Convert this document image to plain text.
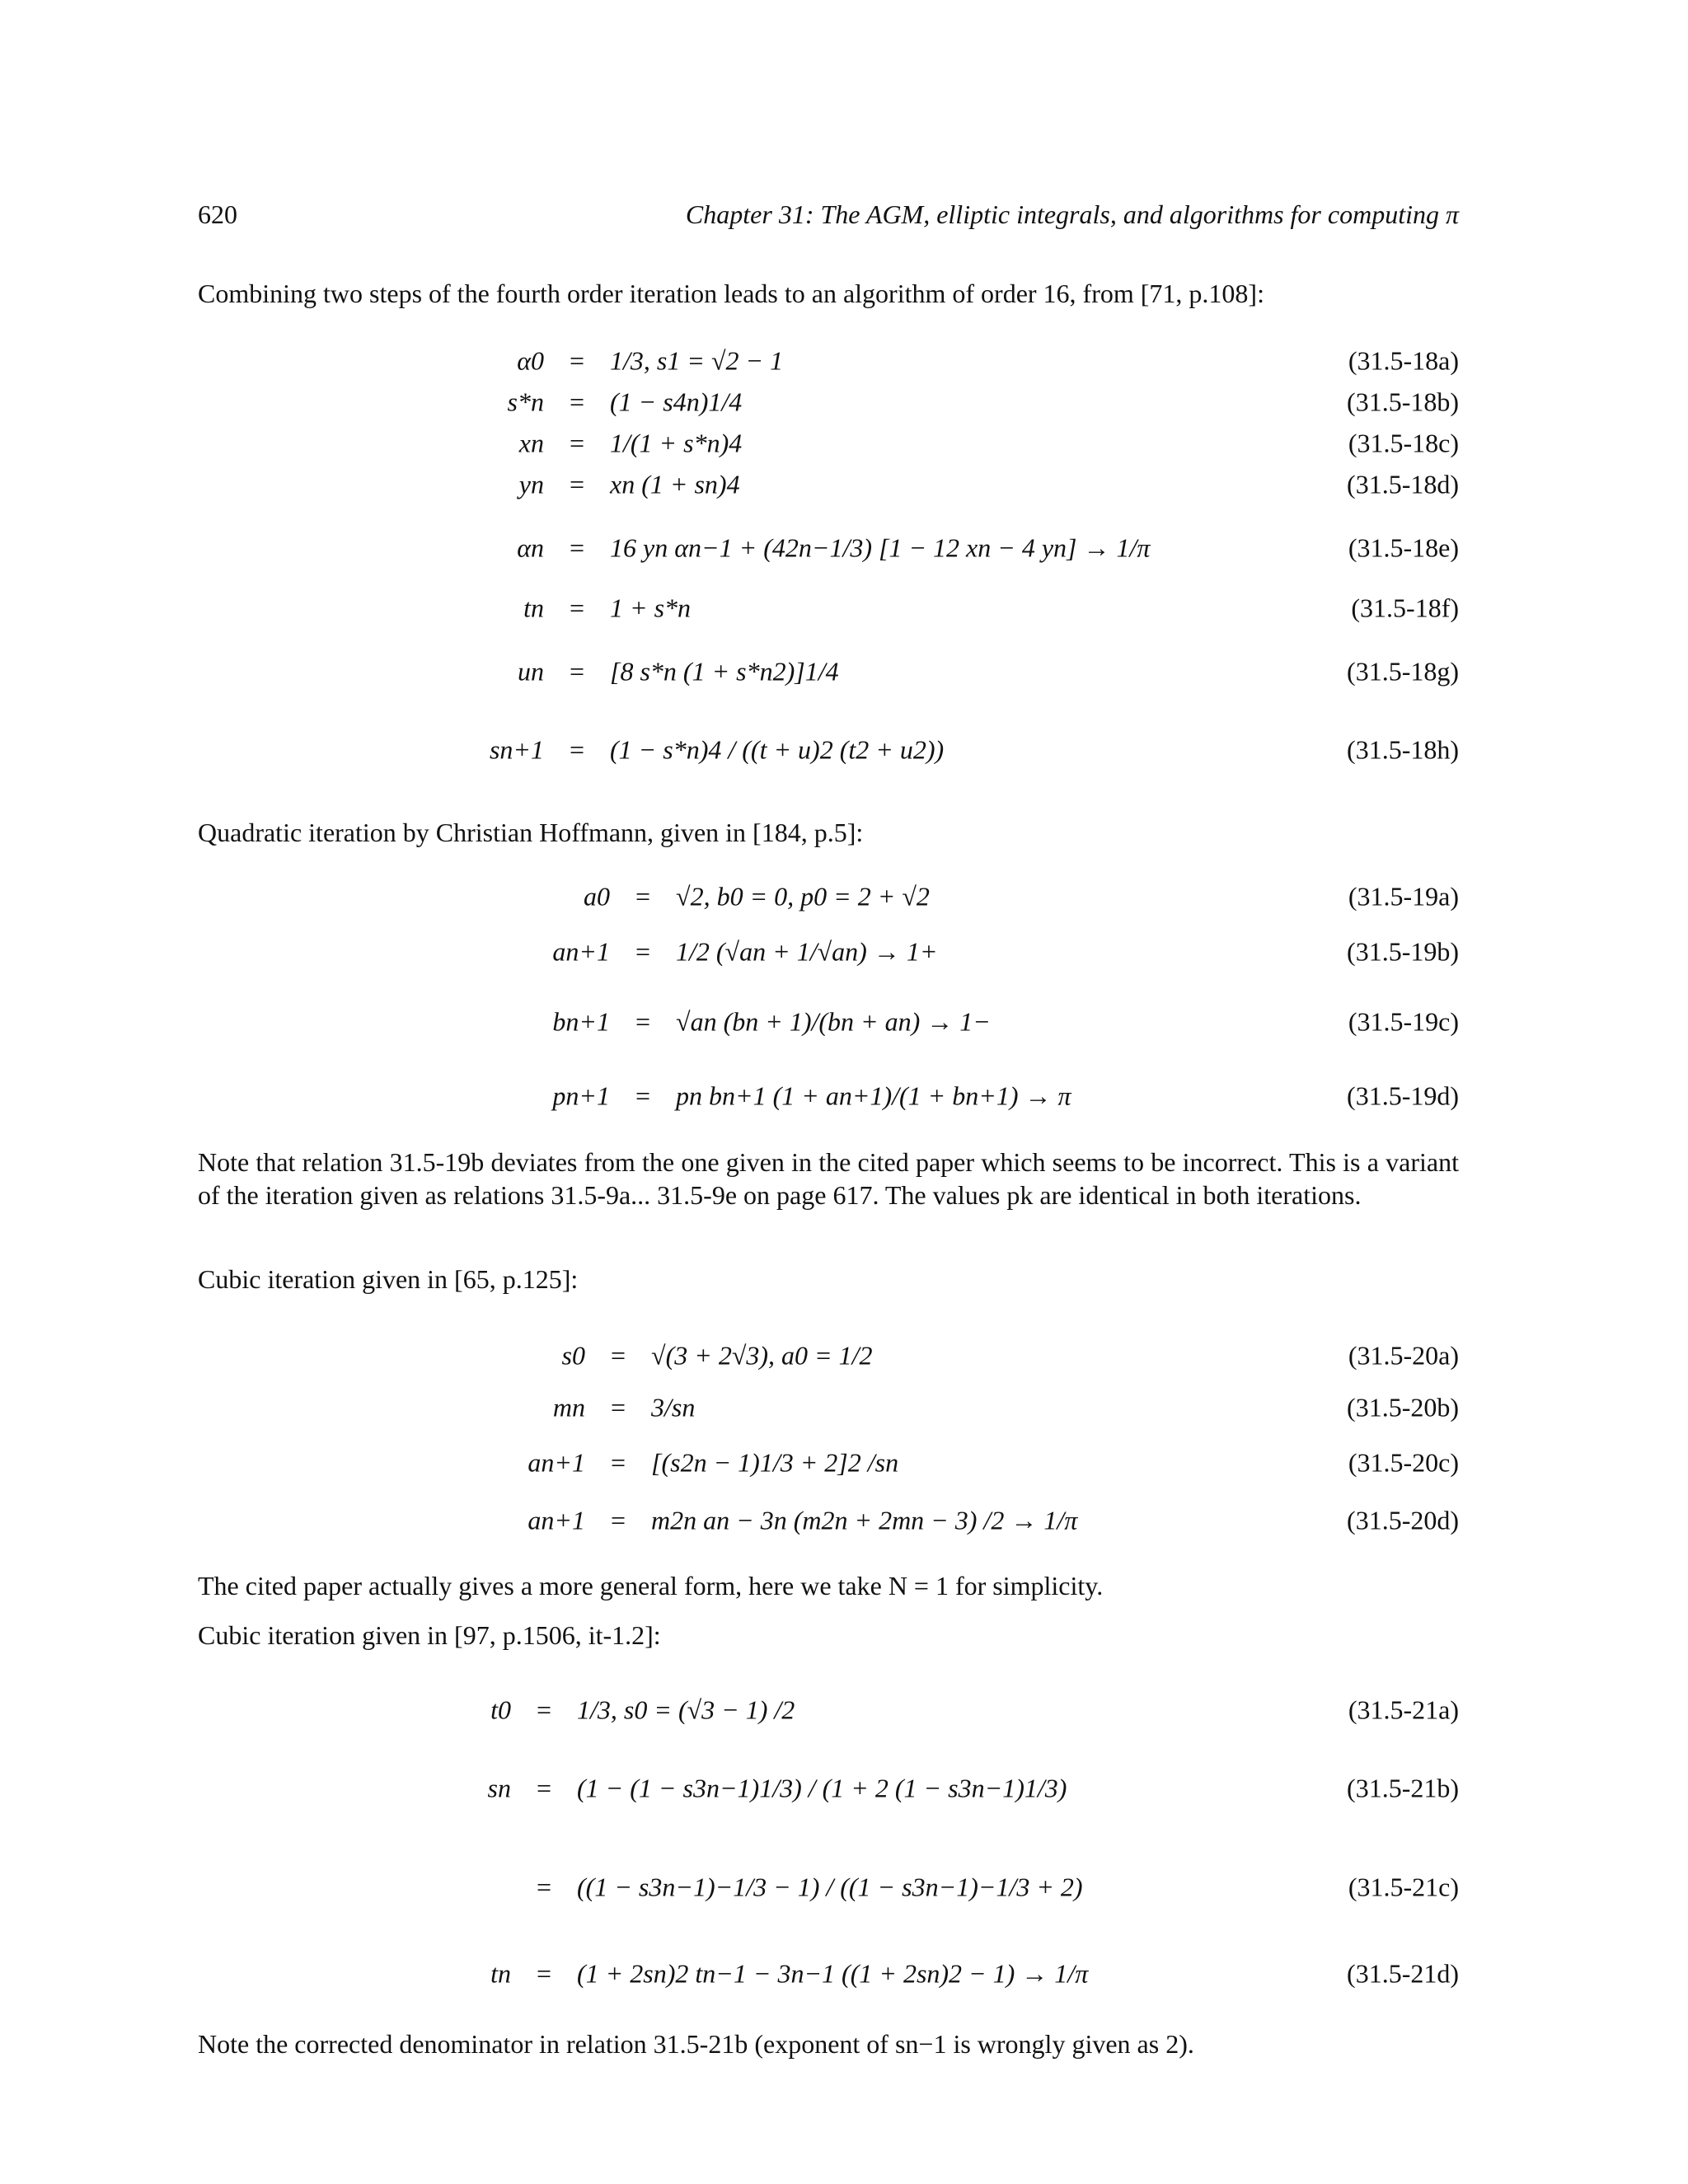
620	Chapter 31: The AGM, elliptic integrals, and algorithms for computing π

Combining two steps of the fourth order iteration leads to an algorithm of order 16, from [71, p.108]:

α0 = 1/3, s1 = √2 − 1	(31.5-18a)
s*n = (1 − s4n)1/4	(31.5-18b)
xn = 1/(1 + s*n)4	(31.5-18c)
yn = xn (1 + sn)4	(31.5-18d)
αn = 16 yn αn−1 + (42n−1/3) [1 − 12 xn − 4 yn] → 1/π	(31.5-18e)
tn = 1 + s*n	(31.5-18f)
un = [8 s*n (1 + s*n2)]1/4	(31.5-18g)
sn+1 = (1 − s*n)4 / ((t + u)2 (t2 + u2))	(31.5-18h)

Quadratic iteration by Christian Hoffmann, given in [184, p.5]:

a0 = √2, b0 = 0, p0 = 2 + √2	(31.5-19a)
an+1 = 1/2 (√an + 1/√an) → 1+	(31.5-19b)
bn+1 = √an (bn + 1)/(bn + an) → 1−	(31.5-19c)
pn+1 = pn bn+1 (1 + an+1)/(1 + bn+1) → π	(31.5-19d)

Note that relation 31.5-19b deviates from the one given in the cited paper which seems to be incorrect. This is a variant of the iteration given as relations 31.5-9a... 31.5-9e on page 617. The values pk are identical in both iterations.

Cubic iteration given in [65, p.125]:

s0 = √(3 + 2√3), a0 = 1/2	(31.5-20a)
mn = 3/sn	(31.5-20b)
an+1 = [(s2n − 1)1/3 + 2]2 /sn	(31.5-20c)
an+1 = m2n an − 3n (m2n + 2mn − 3) /2 → 1/π	(31.5-20d)

The cited paper actually gives a more general form, here we take N = 1 for simplicity.

Cubic iteration given in [97, p.1506, it-1.2]:

t0 = 1/3, s0 = (√3 − 1) /2	(31.5-21a)
sn = (1 − (1 − s3n−1)1/3) / (1 + 2 (1 − s3n−1)1/3)	(31.5-21b)
= ((1 − s3n−1)−1/3 − 1) / ((1 − s3n−1)−1/3 + 2)	(31.5-21c)
tn = (1 + 2sn)2 tn−1 − 3n−1 ((1 + 2sn)2 − 1) → 1/π	(31.5-21d)

Note the corrected denominator in relation 31.5-21b (exponent of sn−1 is wrongly given as 2).
